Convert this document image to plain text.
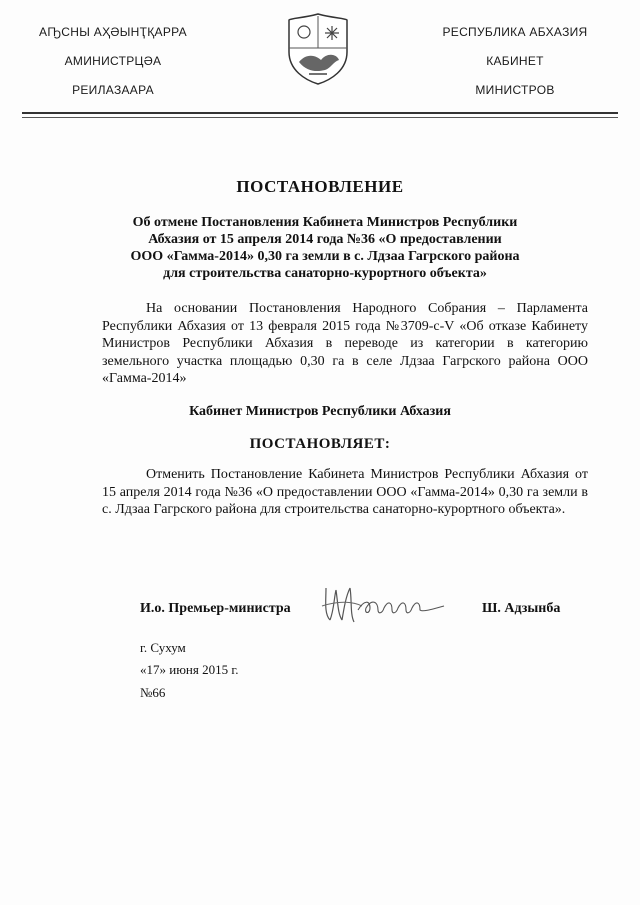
АҦСНЫ АҲӘЫНҬҚАРРА
АМИНИСТРЦӘА
РЕИЛАЗААРА
РЕСПУБЛИКА АБХАЗИЯ
КАБИНЕТ
МИНИСТРОВ
ПОСТАНОВЛЕНИЕ
Об отмене Постановления Кабинета Министров Республики
Абхазия от 15 апреля 2014 года №36 «О предоставлении
ООО «Гамма-2014» 0,30 га земли в с. Лдзаа Гагрского района
для строительства санаторно-курортного объекта»
На основании Постановления Народного Собрания – Парламента Республики Абхазия от 13 февраля 2015 года №3709-с-V «Об отказе Кабинету Министров Республики Абхазия в переводе из категории в категорию земельного участка площадью 0,30 га в селе Лдзаа Гагрского района ООО «Гамма-2014»
Кабинет Министров Республики Абхазия
ПОСТАНОВЛЯЕТ:
Отменить Постановление Кабинета Министров Республики Абхазия от 15 апреля 2014 года №36 «О предоставлении ООО «Гамма-2014» 0,30 га земли в с. Лдзаа Гагрского района для строительства санаторно-курортного объекта».
И.о. Премьер-министра	Ш. Адзынба
г. Сухум
«17» июня 2015 г.
№66
